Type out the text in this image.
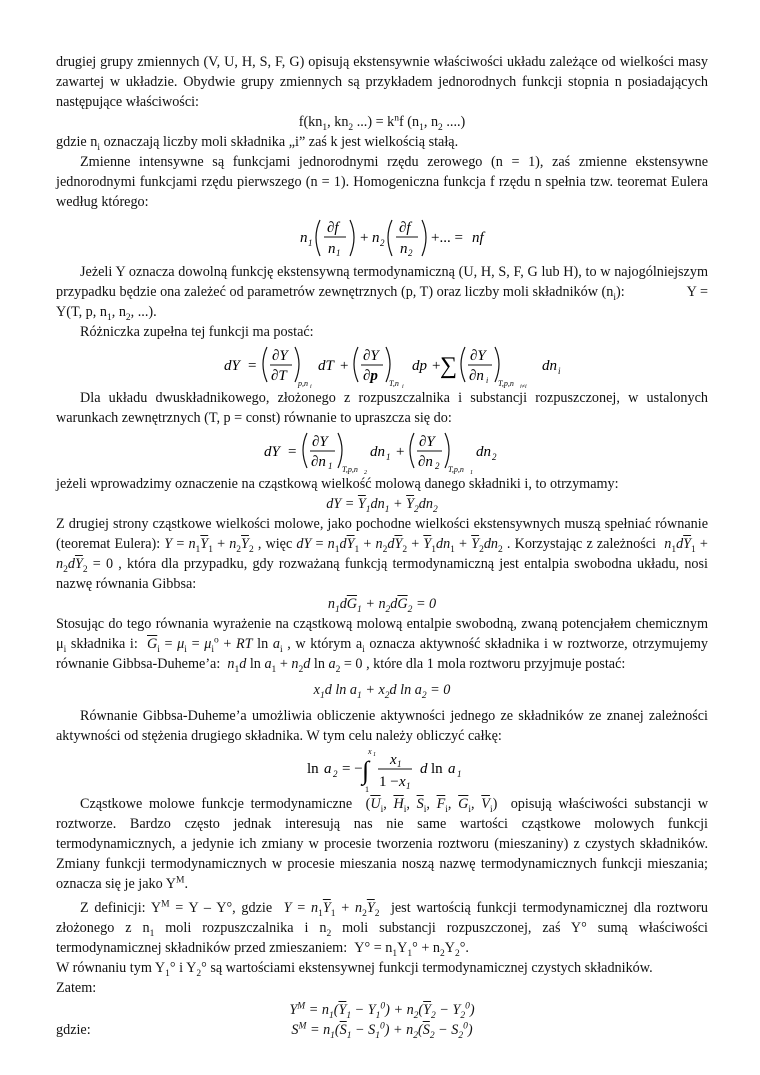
drugiej grupy zmiennych (V, U, H, S, F, G) opisują ekstensywnie właściwości układu zależące od wielkości masy zawartej w układzie. Obydwie grupy zmiennych są przykładem jednorodnych funkcji stopnia n posiadających następujące właściwości:

$f(kn_1$, $kn_2$ ...) = $k^nf$ ($n_1$, $n_2$ ....)

gdzie $n_i$ oznaczają liczby moli składnika „i” zaś k jest wielkością stałą.

Zmienne intensywne są funkcjami jednorodnymi rzędu zerowego (n = 1), zaś zmienne ekstensywne jednorodnymi funkcjami rzędu pierwszego (n = 1). Homogeniczna funkcja f rzędu n spełnia tzw. teoremat Eulera według którego:

n 1
∂f
n 1
+ n 2
∂f
n 2
+... = nf

Jeżeli Y oznacza dowolną funkcję ekstensywną termodynamiczną (U, H, S, F, G lub H), to w najogólniejszym przypadku będzie ona zależeć od parametrów zewnętrznych (p, T) oraz liczby moli składników $(n_i)$:	Y = Y(T, p, $n_1$, $n_2$, ...).

Różniczka zupełna tej funkcji ma postać:

dY =
∂Y
∂T p,n i
dT +
∂Y
∂p T,n i
dp + ∑ ∂Y
∂n i T,p,n j≠i
dn i

Dla układu dwuskładnikowego, złożonego z rozpuszczalnika i substancji rozpuszczonej, w ustalonych warunkach zewnętrznych (T, p = const) równanie to upraszcza się do:

dY =
∂Y
∂n 1 T,p,n 2
dn 1 +
∂Y
∂n 2 T,p,n 1
dn 2

jeżeli wprowadzimy oznaczenie na cząstkową wielkość molową danego składniki i, to otrzymamy:

dY = $\overline{Y}_1dn_1 + \overline{Y}_2dn_2$

Z drugiej strony cząstkowe wielkości molowe, jako pochodne wielkości ekstensywnych muszą spełniać równanie (teoremat Eulera): $Y = n_1\overline{Y}_1 + n_2\overline{Y}_2$ , więc dY = $n_1d\overline{Y}_1 + n_2d\overline{Y}_2 + \overline{Y}_1dn_1 + \overline{Y}_2dn_2$ . Korzystając z zależności  $n_1d\overline{Y}_1 + n_2d\overline{Y}_2 = 0$ , która dla przypadku, gdy rozważaną funkcją termodynamiczną jest entalpia swobodna układu, nosi nazwę równania Gibbsa:

$n_1d\overline{G}_1 + n_2d\overline{G}_2 = 0$

Stosując do tego równania wyrażenie na cząstkową molową entalpie swobodną, zwaną potencjałem chemicznym $\mu_i$ składnika i:  $\overline{G}_i = \mu_i = \mu_i^o$ + RT $\ln a_i$ , w którym $a_i$ oznacza aktywność składnika i w roztworze, otrzymujemy równanie Gibbsa-Duheme’a:  $n_1d$ $\ln a_1 + n_2d$ $\ln a_2 = 0$ , które dla 1 mola roztworu przyjmuje postać:

$x_1d$ $\ln a_1 + x_2d$ $\ln a_2 = 0$

Równanie Gibbsa-Duheme’a umożliwia obliczenie aktywności jednego ze składników ze znanej zależności aktywności od stężenia drugiego składnika. W tym celu należy obliczyć całkę:

ln a 2 = − ∫
x 1
1
x 1
1 − x 1
d ln a 1

Cząstkowe molowe funkcje termodynamiczne  ($\overline{U}_i$, $\overline{H}_i$, $\overline{S}_i$, $\overline{F}_i$, $\overline{G}_i$, $\overline{V}_i$)  opisują właściwości substancji w roztworze. Bardzo często jednak interesują nas nie same wartości cząstkowe molowych funkcji termodynamicznych, a jedynie ich zmiany w procesie tworzenia roztworu (mieszaniny) z czystych składników. Zmiany funkcji termodynamicznych w procesie mieszania noszą nazwę termodynamicznych funkcji mieszania; oznacza się je jako $Y^M$.

Z definicji: $Y^M = Y - Y^\circ$, gdzie  $Y = n_1\overline{Y}_1 + n_2\overline{Y}_2$  jest wartością funkcji termodynamicznej dla roztworu złożonego z $n_1$ moli rozpuszczalnika i $n_2$ moli substancji rozpuszczonej, zaś Y° sumą właściwości termodynamicznej składników przed zmieszaniem:  $Y^\circ = n_1Y_1^\circ + n_2Y_2^\circ$.

W równaniu tym $Y_1^\circ$ i $Y_2^\circ$ są wartościami ekstensywnej funkcji termodynamicznej czystych składników.

Zatem:

$Y^M = n_1(\overline{Y}_1 - Y_1^0) + n_2(\overline{Y}_2 - Y_2^0)$

gdzie:	$S^M = n_1(\overline{S}_1 - S_1^0) + n_2(\overline{S}_2 - S_2^0)$
